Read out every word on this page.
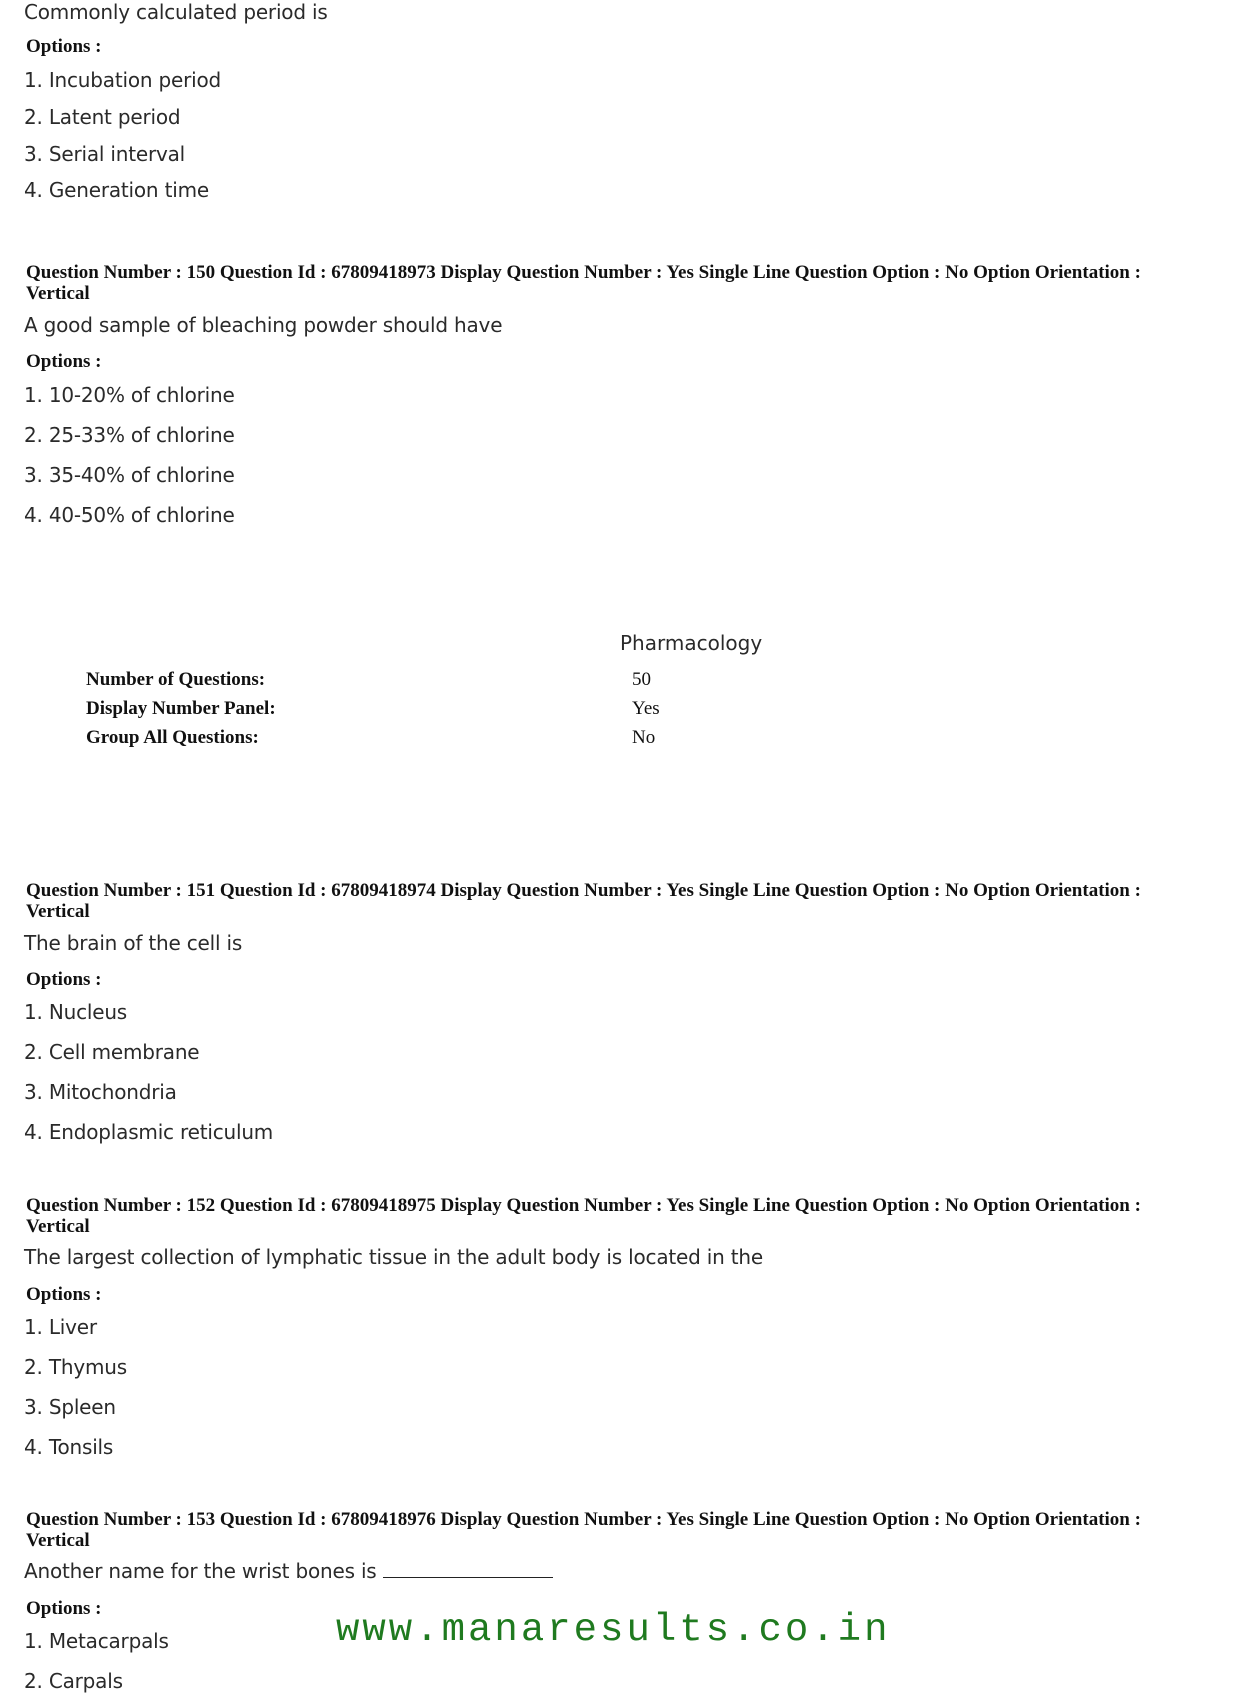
Commonly calculated period is
Options :
1. Incubation period
2. Latent period
3. Serial interval
4. Generation time
Question Number : 150 Question Id : 67809418973 Display Question Number : Yes Single Line Question Option : No Option Orientation : Vertical
A good sample of bleaching powder should have
Options :
1. 10-20% of chlorine
2. 25-33% of chlorine
3. 35-40% of chlorine
4. 40-50% of chlorine
Pharmacology
Number of Questions:	50
Display Number Panel:	Yes
Group All Questions:	No
Question Number : 151 Question Id : 67809418974 Display Question Number : Yes Single Line Question Option : No Option Orientation : Vertical
The brain of the cell is
Options :
1. Nucleus
2. Cell membrane
3. Mitochondria
4. Endoplasmic reticulum
Question Number : 152 Question Id : 67809418975 Display Question Number : Yes Single Line Question Option : No Option Orientation : Vertical
The largest collection of lymphatic tissue in the adult body is located in the
Options :
1. Liver
2. Thymus
3. Spleen
4. Tonsils
Question Number : 153 Question Id : 67809418976 Display Question Number : Yes Single Line Question Option : No Option Orientation : Vertical
Another name for the wrist bones is
Options :
1. Metacarpals
2. Carpals
www.manaresults.co.in
